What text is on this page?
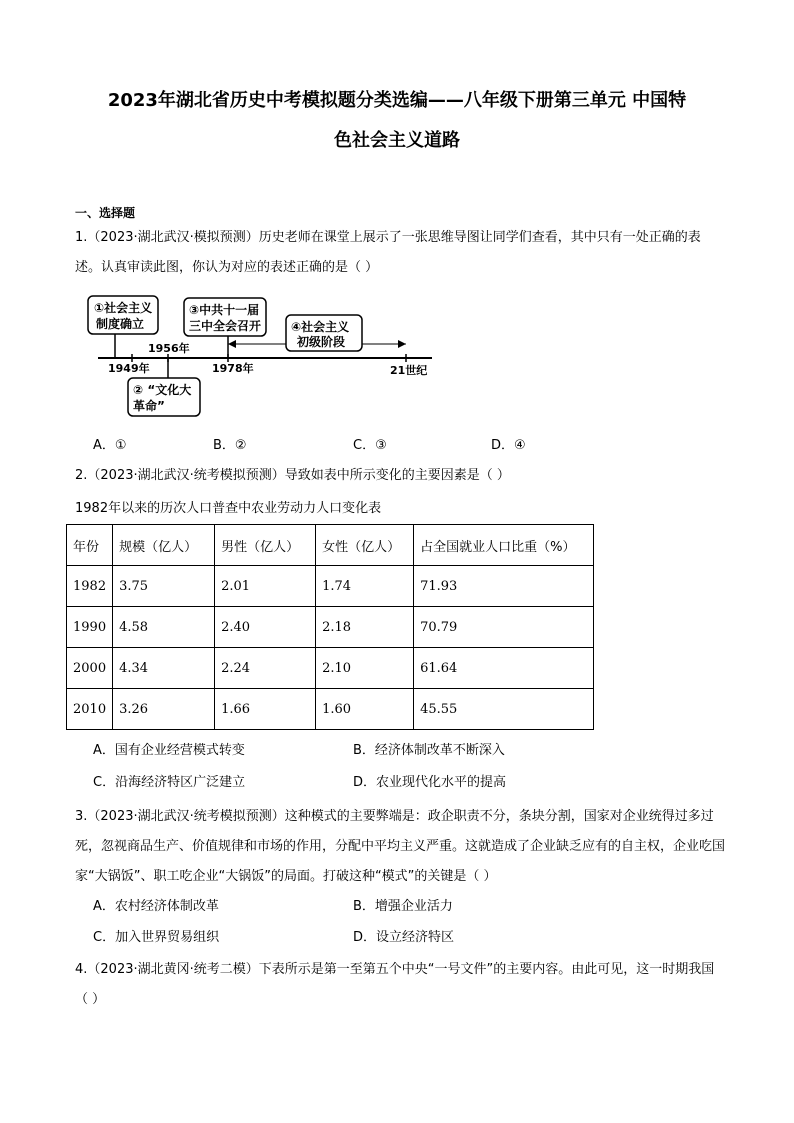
2023年湖北省历史中考模拟题分类选编——八年级下册第三单元 中国特
色社会主义道路
一、选择题
1.（2023·湖北武汉·模拟预测）历史老师在课堂上展示了一张思维导图让同学们查看，其中只有一处正确的表述。认真审读此图，你认为对应的表述正确的是（ ）
①社会主义
制度确立
③中共十一届
三中全会召开 ④社会主义
初级阶段
② “文化大
革命”
1956年
1949年	1978年	21世纪
A．①	B．②	C．③	D．④
2.（2023·湖北武汉·统考模拟预测）导致如表中所示变化的主要因素是（ ）
1982年以来的历次人口普查中农业劳动力人口变化表
年份	规模（亿人）	男性（亿人）	女性（亿人）	占全国就业人口比重（%）
1982	3.75	2.01	1.74	71.93
1990	4.58	2.40	2.18	70.79
2000	4.34	2.24	2.10	61.64
2010	3.26	1.66	1.60	45.55
A．国有企业经营模式转变	B．经济体制改革不断深入
C．沿海经济特区广泛建立	D．农业现代化水平的提高
3.（2023·湖北武汉·统考模拟预测）这种模式的主要弊端是：政企职责不分，条块分割，国家对企业统得过多过死，忽视商品生产、价值规律和市场的作用，分配中平均主义严重。这就造成了企业缺乏应有的自主权，企业吃国家“大锅饭”、职工吃企业“大锅饭”的局面。打破这种“模式”的关键是（ ）
A．农村经济体制改革	B．增强企业活力
C．加入世界贸易组织	D．设立经济特区
4.（2023·湖北黄冈·统考二模）下表所示是第一至第五个中央“一号文件”的主要内容。由此可见，这一时期我国（ ）
